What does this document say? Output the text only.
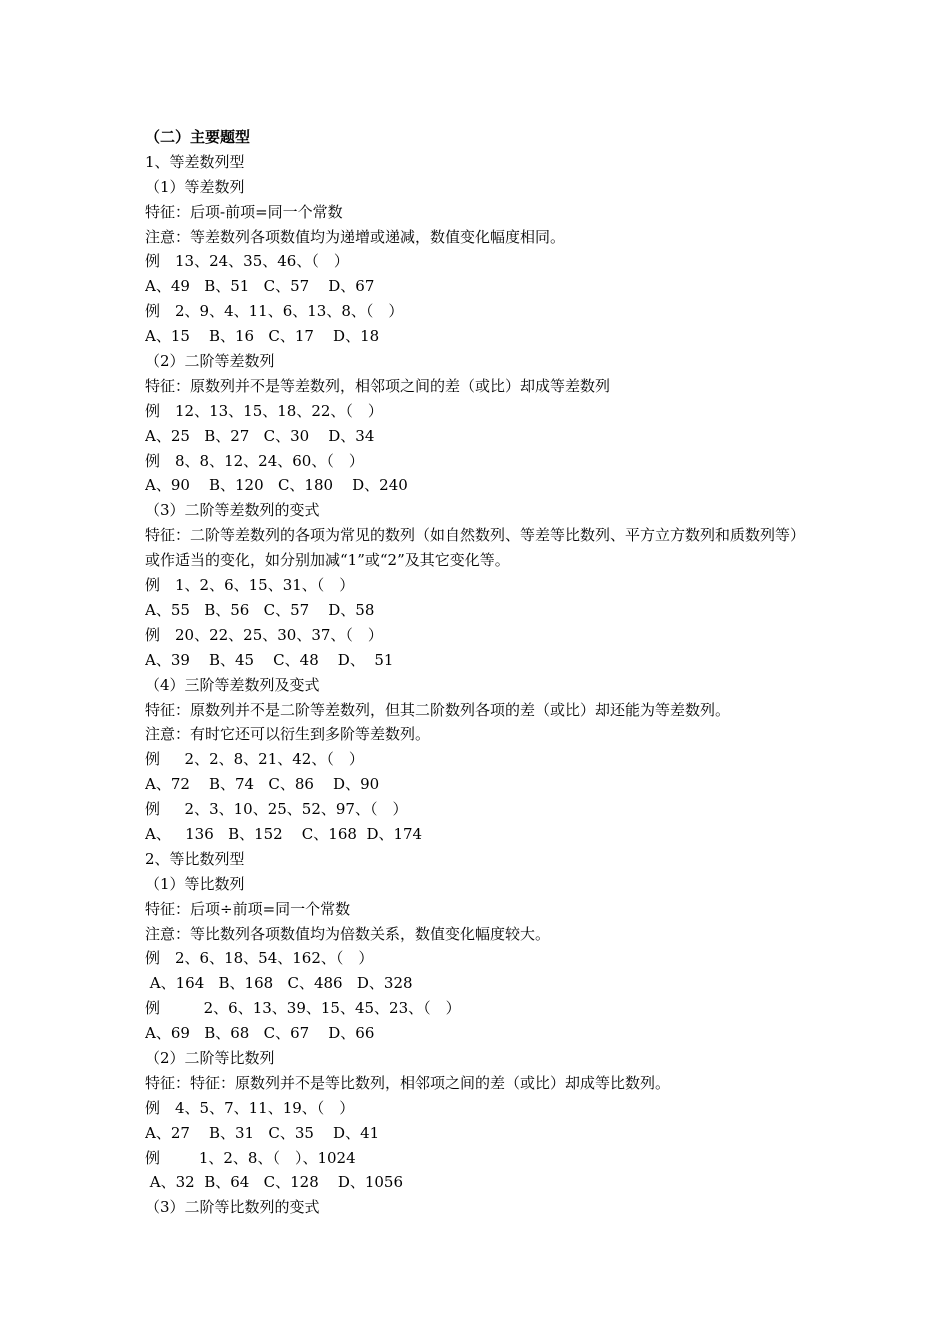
（二）主要题型
1、等差数列型
（1）等差数列
特征：后项-前项=同一个常数
注意：等差数列各项数值均为递增或递减，数值变化幅度相同。
例　13、24、35、46、（　）
A、49   B、51   C、57    D、67
例　2、9、4、11、6、13、8、（　）
A、15    B、16   C、17    D、18
（2）二阶等差数列
特征：原数列并不是等差数列，相邻项之间的差（或比）却成等差数列
例　12、13、15、18、22、（　）
A、25   B、27   C、30    D、34
例　8、8、12、24、60、（　）
A、90    B、120   C、180    D、240
（3）二阶等差数列的变式
特征：二阶等差数列的各项为常见的数列（如自然数列、等差等比数列、平方立方数列和质数列等）或作适当的变化，如分别加减“1”或“2”及其它变化等。
例　1、2、6、15、31、（　）
A、55   B、56   C、57    D、58
例　20、22、25、30、37、（　）
A、39    B、45    C、48    D、  51
（4）三阶等差数列及变式
特征：原数列并不是二阶等差数列，但其二阶数列各项的差（或比）却还能为等差数列。
注意：有时它还可以衍生到多阶等差数列。
例　  2、2、8、21、42、（　）
A、72    B、74   C、86    D、90
例　  2、3、10、25、52、97、（　）
A、   136   B、152    C、168  D、174
2、等比数列型
（1）等比数列
特征：后项÷前项=同一个常数
注意：等比数列各项数值均为倍数关系，数值变化幅度较大。
例　2、6、18、54、162、（　）
A、164   B、168   C、486   D、328
例　      2、6、13、39、15、45、23、（　）
A、69   B、68   C、67    D、66
（2）二阶等比数列
特征：特征：原数列并不是等比数列，相邻项之间的差（或比）却成等比数列。
例　4、5、7、11、19、（　）
A、27    B、31   C、35    D、41
例　     1、2、8、（　）、1024
A、32  B、64   C、128    D、1056
（3）二阶等比数列的变式
